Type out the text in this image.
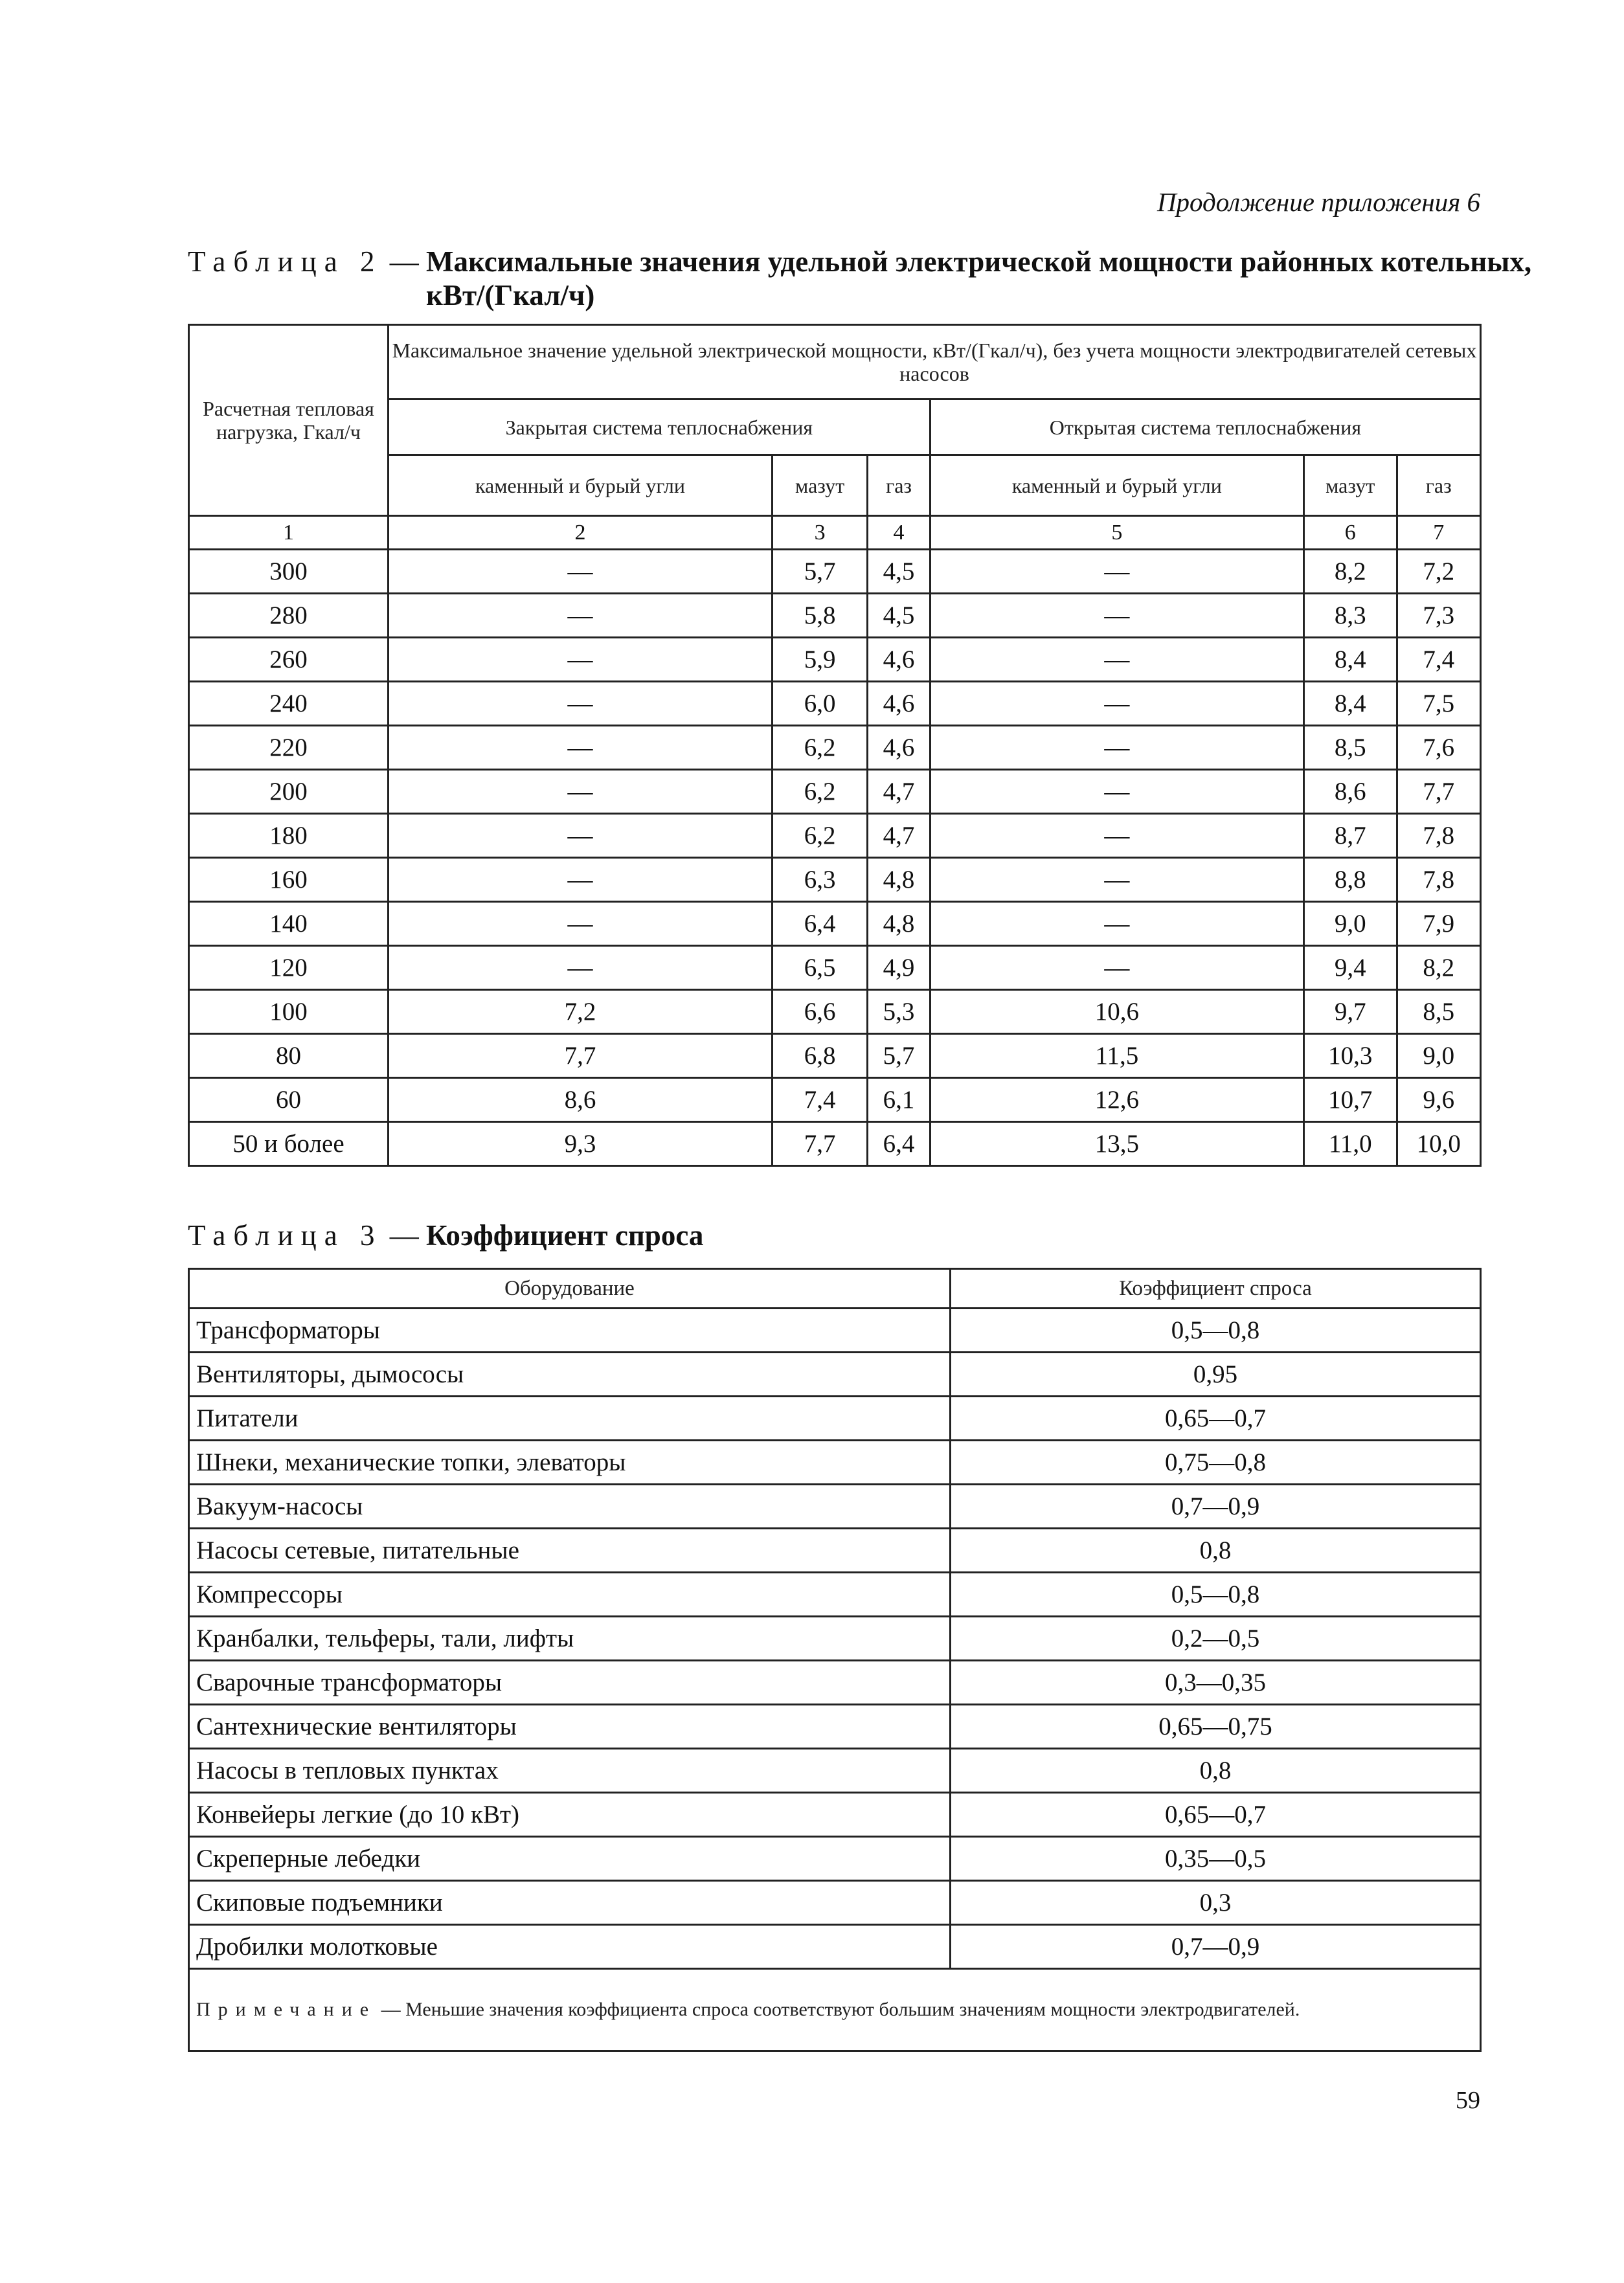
Продолжение приложения 6
Таблица 2 — Максимальные значения удельной электрической мощности районных котельных,
кВт/(Гкал/ч)
Расчетная тепловая нагрузка, Гкал/ч	Максимальное значение удельной электрической мощности, кВт/(Гкал/ч), без учета мощности электродвигателей сетевых насосов					
	Закрытая система теплоснабжения			Открытая система теплоснабжения		
	каменный и бурый угли	мазут	газ	каменный и бурый угли	мазут	газ
1	2	3	4	5	6	7
300	—	5,7	4,5	—	8,2	7,2
280	—	5,8	4,5	—	8,3	7,3
260	—	5,9	4,6	—	8,4	7,4
240	—	6,0	4,6	—	8,4	7,5
220	—	6,2	4,6	—	8,5	7,6
200	—	6,2	4,7	—	8,6	7,7
180	—	6,2	4,7	—	8,7	7,8
160	—	6,3	4,8	—	8,8	7,8
140	—	6,4	4,8	—	9,0	7,9
120	—	6,5	4,9	—	9,4	8,2
100	7,2	6,6	5,3	10,6	9,7	8,5
80	7,7	6,8	5,7	11,5	10,3	9,0
60	8,6	7,4	6,1	12,6	10,7	9,6
50 и более	9,3	7,7	6,4	13,5	11,0	10,0
Таблица 3 — Коэффициент спроса
Оборудование	Коэффициент спроса
Трансформаторы	0,5—0,8
Вентиляторы, дымососы	0,95
Питатели	0,65—0,7
Шнеки, механические топки, элеваторы	0,75—0,8
Вакуум-насосы	0,7—0,9
Насосы сетевые, питательные	0,8
Компрессоры	0,5—0,8
Кранбалки, тельферы, тали, лифты	0,2—0,5
Сварочные трансформаторы	0,3—0,35
Сантехнические вентиляторы	0,65—0,75
Насосы в тепловых пунктах	0,8
Конвейеры легкие (до 10 кВт)	0,65—0,7
Скреперные лебедки	0,35—0,5
Скиповые подъемники	0,3
Дробилки молотковые	0,7—0,9
Примечание — Меньшие значения коэффициента спроса соответствуют большим значениям мощности электродвигателей.	
59
